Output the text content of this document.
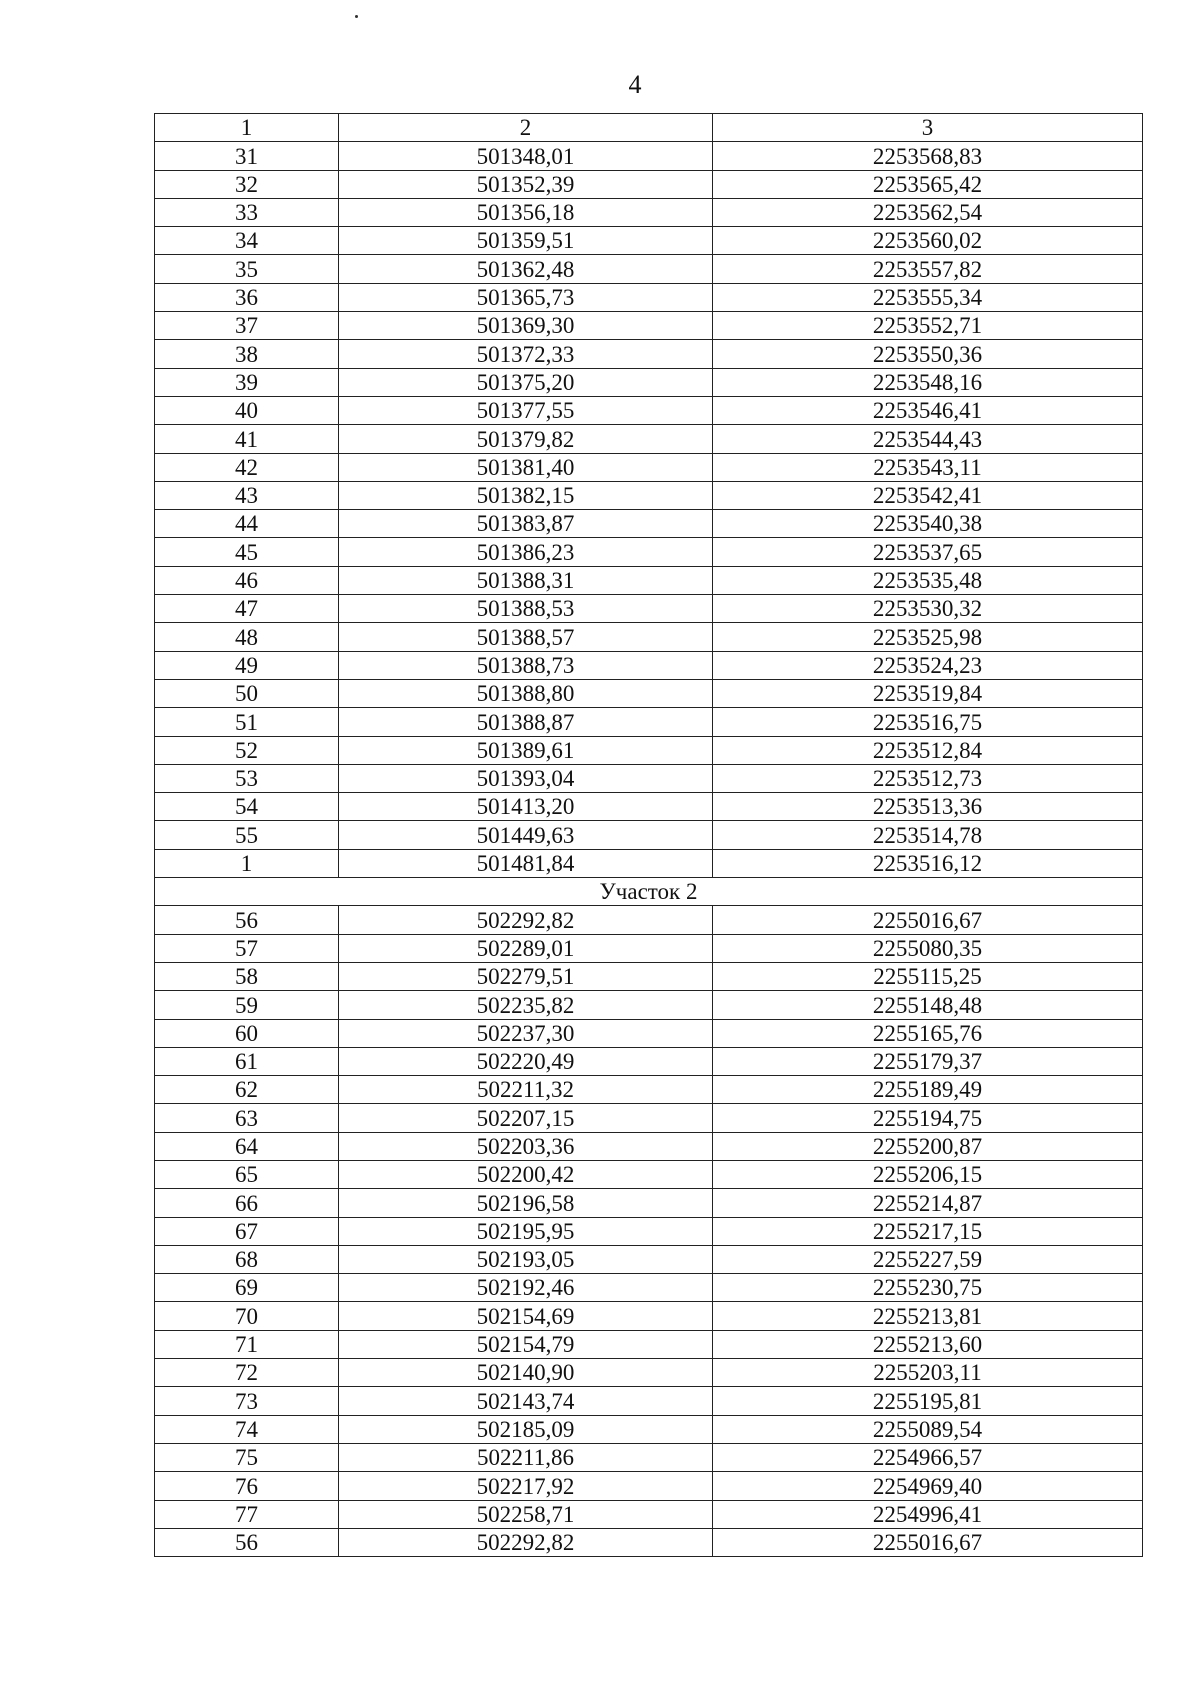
4
1	2	3
31	501348,01	2253568,83
32	501352,39	2253565,42
33	501356,18	2253562,54
34	501359,51	2253560,02
35	501362,48	2253557,82
36	501365,73	2253555,34
37	501369,30	2253552,71
38	501372,33	2253550,36
39	501375,20	2253548,16
40	501377,55	2253546,41
41	501379,82	2253544,43
42	501381,40	2253543,11
43	501382,15	2253542,41
44	501383,87	2253540,38
45	501386,23	2253537,65
46	501388,31	2253535,48
47	501388,53	2253530,32
48	501388,57	2253525,98
49	501388,73	2253524,23
50	501388,80	2253519,84
51	501388,87	2253516,75
52	501389,61	2253512,84
53	501393,04	2253512,73
54	501413,20	2253513,36
55	501449,63	2253514,78
1	501481,84	2253516,12
Участок 2		
56	502292,82	2255016,67
57	502289,01	2255080,35
58	502279,51	2255115,25
59	502235,82	2255148,48
60	502237,30	2255165,76
61	502220,49	2255179,37
62	502211,32	2255189,49
63	502207,15	2255194,75
64	502203,36	2255200,87
65	502200,42	2255206,15
66	502196,58	2255214,87
67	502195,95	2255217,15
68	502193,05	2255227,59
69	502192,46	2255230,75
70	502154,69	2255213,81
71	502154,79	2255213,60
72	502140,90	2255203,11
73	502143,74	2255195,81
74	502185,09	2255089,54
75	502211,86	2254966,57
76	502217,92	2254969,40
77	502258,71	2254996,41
56	502292,82	2255016,67
